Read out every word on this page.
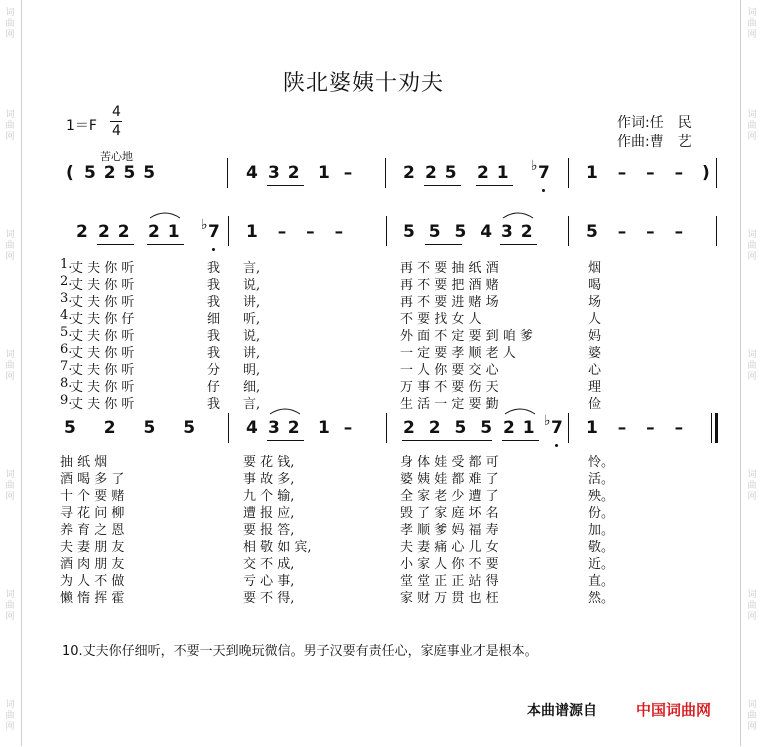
词曲网
词曲网
词曲网
词曲网
词曲网
词曲网
词曲网
词曲网
词曲网
词曲网
词曲网
词曲网
词曲网
词曲网
陕北婆姨十劝夫
1＝F
4
4	作词:任　民
作曲:曹　艺
苦心地
( 5 2 5 5	4 3 2 1 –	2 2 5 2 1 ♭ 7 1 – – – )
2 2 2 2 1 ♭ 7 1 – – –	5 5 5 4 3 2	5 – – –
1.
丈 夫 你 听	我 言,	再 不 要 抽 纸 酒	烟
2.
丈 夫 你 听	我 说,	再 不 要 把 酒 赌	喝
3.
丈 夫 你 听	我 讲,	再 不 要 进 赌 场	场
4.
丈 夫 你 仔	细 听,	不 要 找 女 人	人
5.
丈 夫 你 听	我 说,	外 面 不 定 要 到 咱 爹	妈
6.
丈 夫 你 听	我 讲,	一 定 要 孝 顺 老 人	婆
7.
丈 夫 你 听	分 明,	一 人 你 要 交 心	心
8.
丈 夫 你 听	仔 细,	万 事 不 要 伤 天	理
9.
丈 夫 你 听	我 言,	生 活 一 定 要 勤	俭
5 2 5 5	4 3 2 1 –	2 2 5 5 2 1 ♭ 7 1 – – –
抽 纸 烟	要 花 钱,	身 体 娃 受 都 可	怜。
酒 喝 多 了	事 故 多,	婆 姨 娃 都 难 了	活。
十 个 要 赌	九 个 输,	全 家 老 少 遭 了	殃。
寻 花 问 柳	遭 报 应,	毁 了 家 庭 坏 名	份。
养 育 之 恩	要 报 答,	孝 顺 爹 妈 福 寿	加。
夫 妻 朋 友	相 敬 如 宾,	夫 妻 痛 心 儿 女	敬。
酒 肉 朋 友	交 不 成,	小 家 人 你 不 要	近。
为 人 不 做	亏 心 事,	堂 堂 正 正 站 得	直。
懒 惰 挥 霍	要 不 得,	家 财 万 贯 也 枉	然。
10.丈夫你仔细听，不要一天到晚玩微信。男子汉要有责任心，家庭事业才是根本。
本曲谱源自	中国词曲网
